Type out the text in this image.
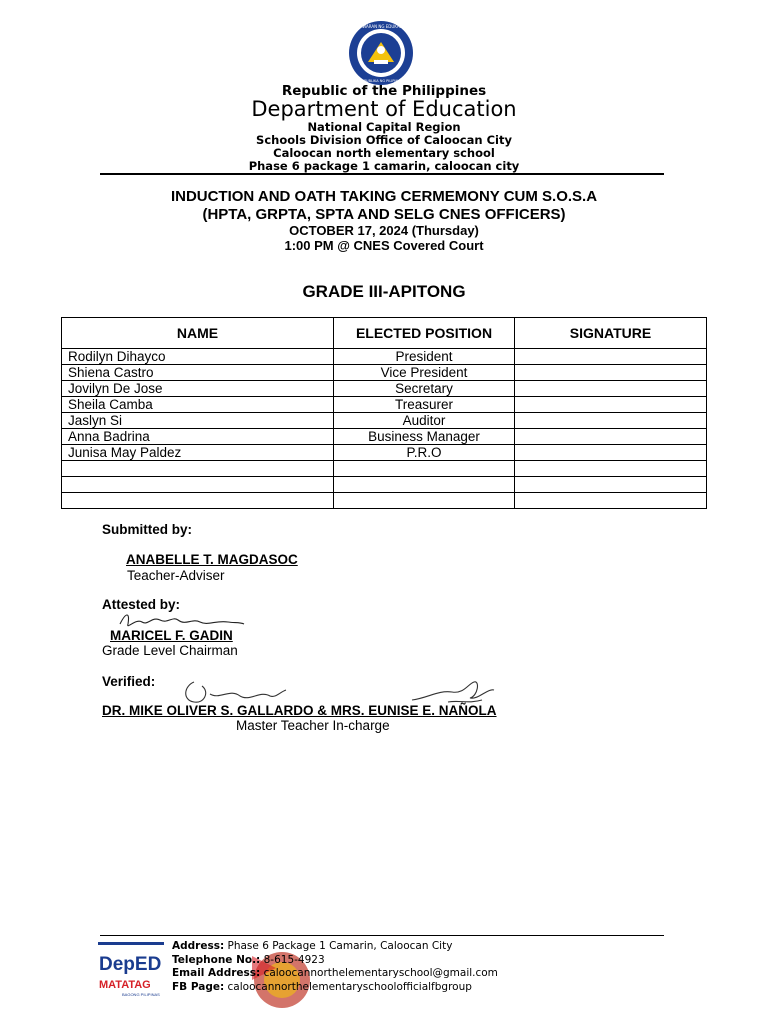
KAGAWARAN NG EDUKASYON
REPUBLIKA NG PILIPINAS
Republic of the Philippines
Department of Education
National Capital Region
Schools Division Office of Caloocan City
Caloocan north elementary school
Phase 6 package 1 camarin, caloocan city
INDUCTION AND OATH TAKING CERMEMONY CUM S.O.S.A
(HPTA, GRPTA, SPTA AND SELG CNES OFFICERS)
OCTOBER 17, 2024 (Thursday)
1:00 PM @ CNES Covered Court
GRADE III-APITONG
NAME	ELECTED POSITION	SIGNATURE
Rodilyn Dihayco	President	
Shiena Castro	Vice President	
Jovilyn De Jose	Secretary	
Sheila Camba	Treasurer	
Jaslyn Si	Auditor	
Anna Badrina	Business Manager	
Junisa May Paldez	P.R.O	

Submitted by:
ANABELLE T. MAGDASOC
Teacher-Adviser
Attested by:
MARICEL F. GADIN
Grade Level Chairman
Verified:
DR. MIKE OLIVER S. GALLARDO & MRS. EUNISE E. NAÑOLA
Master Teacher In-charge
DepED
MATATAG
BAGONG PILIPINAS
Address: Phase 6 Package 1 Camarin, Caloocan City
Telephone No.: 8-615-4923
Email Address: caloocannorthelementaryschool@gmail.com
FB Page: caloocannorthelementaryschoolofficialfbgroup
